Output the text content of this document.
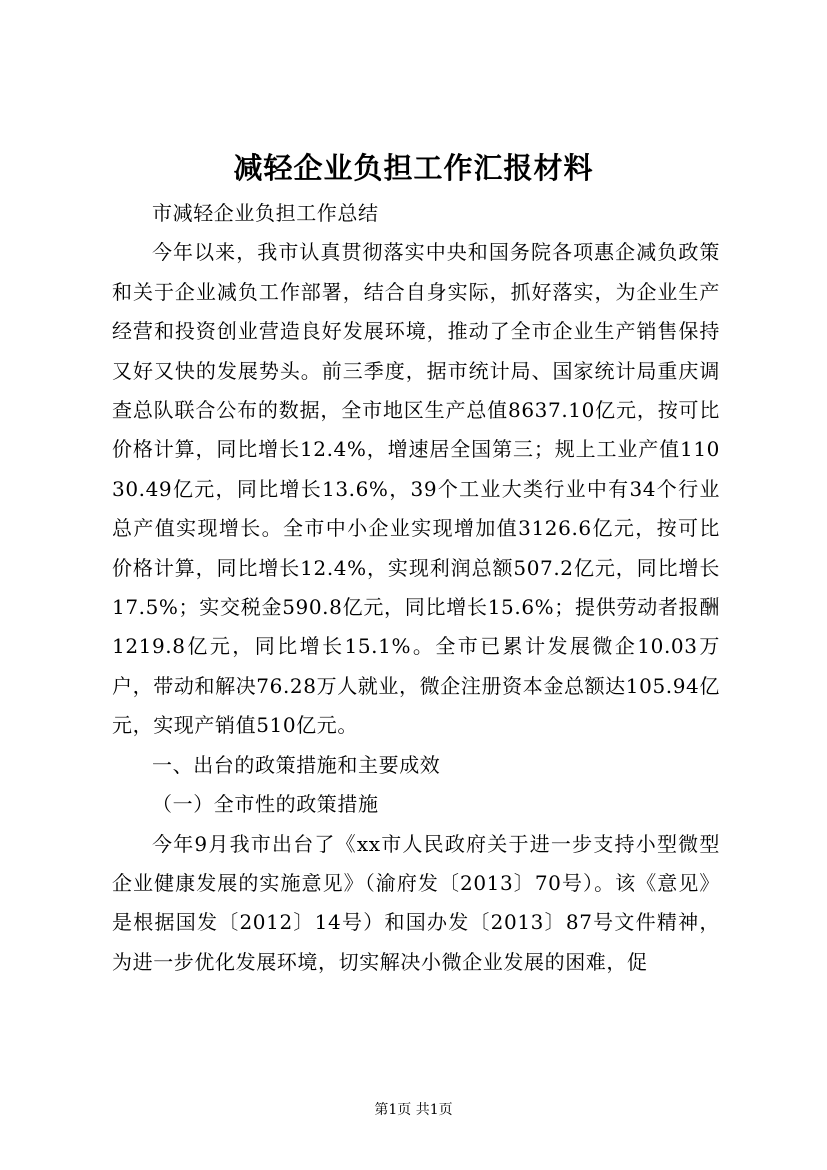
减轻企业负担工作汇报材料

市减轻企业负担工作总结

今年以来，我市认真贯彻落实中央和国务院各项惠企减负政策和关于企业减负工作部署，结合自身实际，抓好落实，为企业生产经营和投资创业营造良好发展环境，推动了全市企业生产销售保持又好又快的发展势头。前三季度，据市统计局、国家统计局重庆调查总队联合公布的数据，全市地区生产总值8637.10亿元，按可比价格计算，同比增长12.4%，增速居全国第三；规上工业产值11030.49亿元，同比增长13.6%，39个工业大类行业中有34个行业总产值实现增长。全市中小企业实现增加值3126.6亿元，按可比价格计算，同比增长12.4%，实现利润总额507.2亿元，同比增长17.5%；实交税金590.8亿元，同比增长15.6%；提供劳动者报酬1219.8亿元，同比增长15.1%。全市已累计发展微企10.03万户，带动和解决76.28万人就业，微企注册资本金总额达105.94亿元，实现产销值510亿元。

一、出台的政策措施和主要成效

（一）全市性的政策措施

今年9月我市出台了《xx市人民政府关于进一步支持小型微型企业健康发展的实施意见》（渝府发〔2013〕70号）。该《意见》是根据国发〔2012〕14号）和国办发〔2013〕87号文件精神，为进一步优化发展环境，切实解决小微企业发展的困难，促

第1页 共1页
